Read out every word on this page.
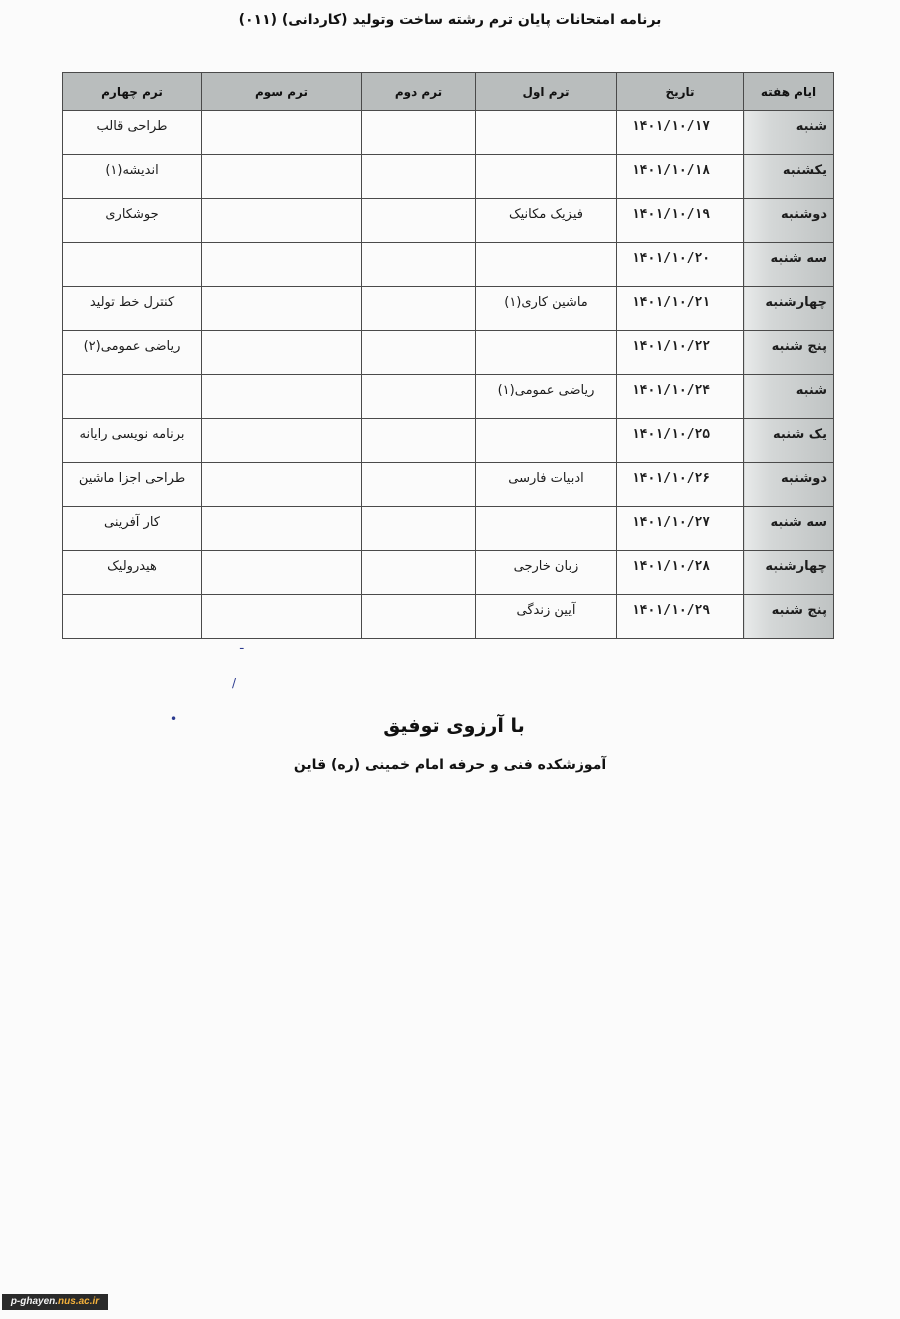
برنامه امتحانات پایان ترم رشته ساخت وتولید (کاردانی) (۰۱۱)
ایام هفته	تاریخ	ترم اول	ترم دوم	ترم سوم	ترم چهارم
شنبه	۱۴۰۱/۱۰/۱۷				طراحی قالب
یکشنبه	۱۴۰۱/۱۰/۱۸				اندیشه(۱)
دوشنبه	۱۴۰۱/۱۰/۱۹	فیزیک مکانیک			جوشکاری
سه شنبه	۱۴۰۱/۱۰/۲۰				
چهارشنبه	۱۴۰۱/۱۰/۲۱	ماشین کاری(۱)			کنترل خط تولید
پنج شنبه	۱۴۰۱/۱۰/۲۲				ریاضی عمومی(۲)
شنبه	۱۴۰۱/۱۰/۲۴	ریاضی عمومی(۱)			
یک شنبه	۱۴۰۱/۱۰/۲۵				برنامه نویسی رایانه
دوشنبه	۱۴۰۱/۱۰/۲۶	ادبیات فارسی			طراحی اجزا ماشین
سه شنبه	۱۴۰۱/۱۰/۲۷				کار آفرینی
چهارشنبه	۱۴۰۱/۱۰/۲۸	زبان خارجی			هیدرولیک
پنج شنبه	۱۴۰۱/۱۰/۲۹	آیین زندگی			
ـ
/
•	با آرزوی توفیق
آموزشکده فنی و حرفه امام خمینی (ره) قاین
p-ghayen.nus.ac.ir
